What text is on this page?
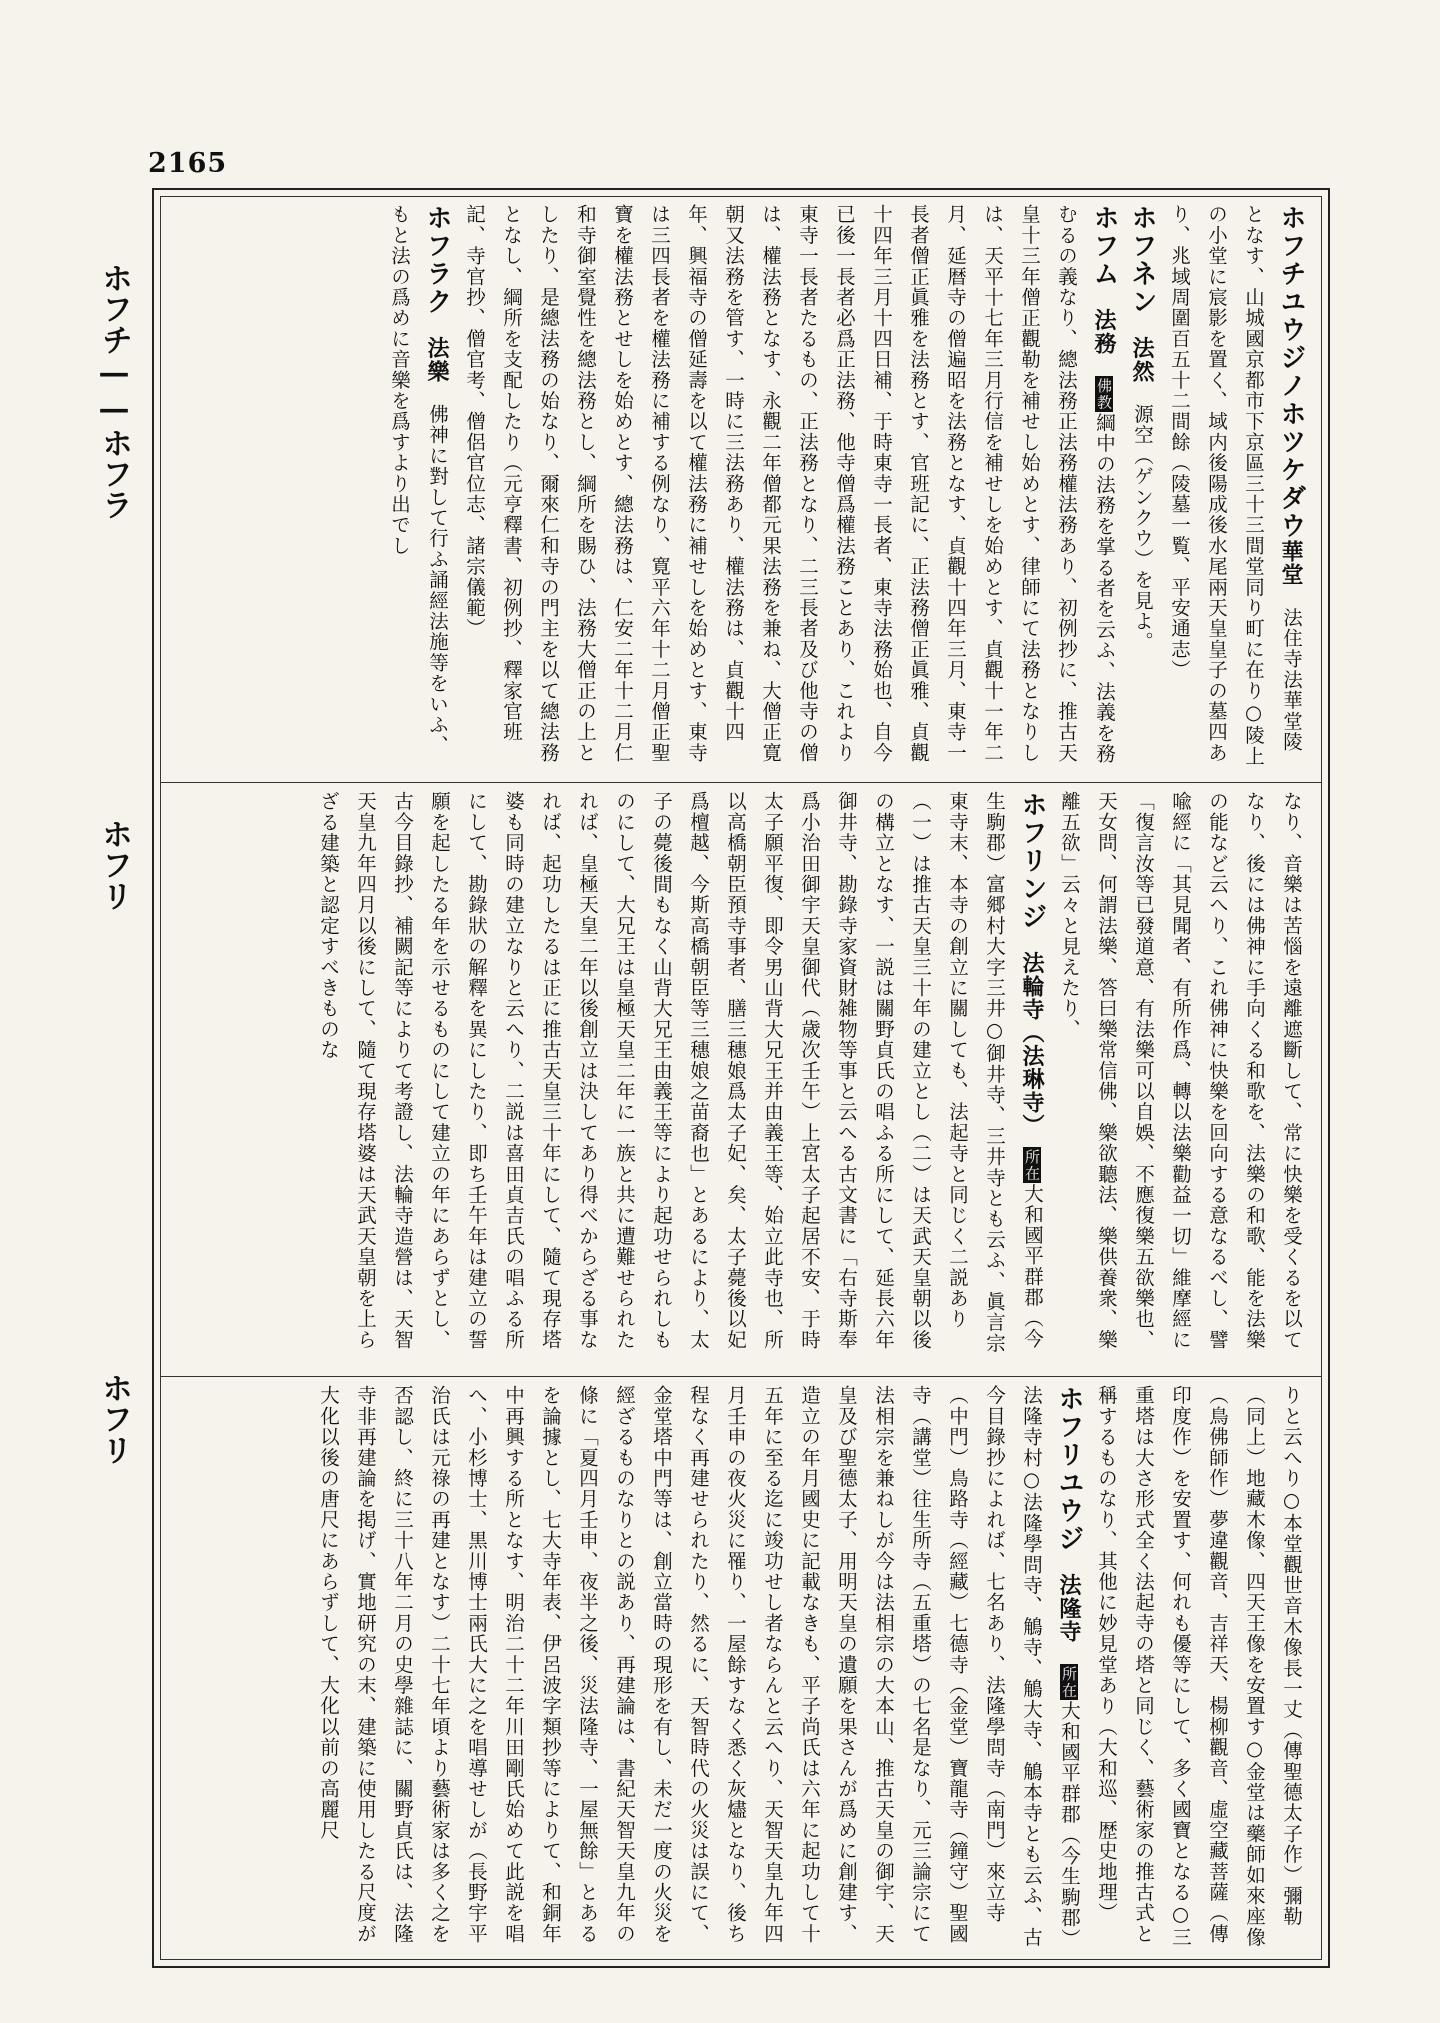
2165
ホフチ——ホフラ
ホフリ
ホフリ
ホフチユウジノホツケダウ華堂　法住寺法華堂陵となす、山城國京都市下京區三十三間堂同り町に在り○陵上の小堂に宸影を置く、域内後陽成後水尾兩天皇皇子の墓四あり、兆域周圍百五十二間餘（陵墓一覧、平安通志）
ホフネン　法然　源空（ゲンクウ）を見よ。
ホフム　法務　佛教綱中の法務を掌る者を云ふ、法義を務むるの義なり、總法務正法務權法務あり、初例抄に、推古天皇十三年僧正觀勒を補せし始めとす、律師にて法務となりしは、天平十七年三月行信を補せしを始めとす、貞觀十一年二月、延暦寺の僧遍昭を法務となす、貞觀十四年三月、東寺一長者僧正眞雅を法務とす、官班記に、正法務僧正眞雅、貞觀十四年三月十四日補、于時東寺一長者、東寺法務始也、自今已後一長者必爲正法務、他寺僧爲權法務ことあり、これより東寺一長者たるもの、正法務となり、二三長者及び他寺の僧は、權法務となす、永觀二年僧都元果法務を兼ね、大僧正寛朝又法務を管す、一時に三法務あり、權法務は、貞觀十四年、興福寺の僧延壽を以て權法務に補せしを始めとす、東寺は三四長者を權法務に補する例なり、寛平六年十二月僧正聖寶を權法務とせしを始めとす、總法務は、仁安二年十二月仁和寺御室覺性を總法務とし、綱所を賜ひ、法務大僧正の上としたり、是總法務の始なり、爾來仁和寺の門主を以て總法務となし、綱所を支配したり（元亨釋書、初例抄、釋家官班記、寺官抄、僧官考、僧侶官位志、諸宗儀範）
ホフラク　法樂　佛神に對して行ふ誦經法施等をいふ、もと法の爲めに音樂を爲すより出でし
なり、音樂は苦惱を遠離遮斷して、常に快樂を受くるを以てなり、後には佛神に手向くる和歌を、法樂の和歌、能を法樂の能など云へり、これ佛神に快樂を回向する意なるべし、譬喩經に「其見聞者、有所作爲、轉以法樂勸益一切」維摩經に「復言汝等已發道意、有法樂可以自娛、不應復樂五欲樂也、天女問、何謂法樂、答曰樂常信佛、樂欲聽法、樂供養衆、樂離五欲」云々と見えたり、
ホフリンジ　法輪寺（法琳寺）　所在大和國平群郡（今生駒郡）富郷村大字三井○御井寺、三井寺とも云ふ、眞言宗東寺末、本寺の創立に關しても、法起寺と同じく二説あり（一）は推古天皇三十年の建立とし（二）は天武天皇朝以後の構立となす、一説は關野貞氏の唱ふる所にして、延長六年御井寺、勘錄寺家資財雑物等事と云へる古文書に「右寺斯奉爲小治田御宇天皇御代（歳次壬午）上宮太子起居不安、于時太子願平復、即令男山背大兄王并由義王等、始立此寺也、所以高橋朝臣預寺事者、膳三穗娘爲太子妃、矣、太子薨後以妃爲檀越、今斯高橋朝臣等三穗娘之苗裔也」とあるにより、太子の薨後間もなく山背大兄王由義王等により起功せられしものにして、大兄王は皇極天皇二年に一族と共に遭難せられたれば、皇極天皇二年以後創立は決してあり得べからざる事なれば、起功したるは正に推古天皇三十年にして、隨て現存塔婆も同時の建立なりと云へり、二説は喜田貞吉氏の唱ふる所にして、勘錄狀の解釋を異にしたり、即ち壬午年は建立の誓願を起したる年を示せるものにして建立の年にあらずとし、古今目錄抄、補闕記等によりて考證し、法輪寺造營は、天智天皇九年四月以後にして、隨て現存塔婆は天武天皇朝を上らざる建築と認定すべきものな
りと云へり○本堂觀世音木像長一丈（傳聖德太子作）彌勒（同上）地藏木像、四天王像を安置す○金堂は藥師如來座像（鳥佛師作）夢違觀音、吉祥天、楊柳觀音、虛空藏菩薩（傳印度作）を安置す、何れも優等にして、多く國寶となる○三重塔は大さ形式全く法起寺の塔と同じく、藝術家の推古式と稱するものなり、其他に妙見堂あり（大和巡、歴史地理）
ホフリユウジ　法隆寺　所在大和國平群郡（今生駒郡）法隆寺村○法隆學問寺、鵤寺、鵤大寺、鵤本寺とも云ふ、古今目錄抄によれば、七名あり、法隆學問寺（南門）來立寺（中門）鳥路寺（經藏）七德寺（金堂）寶龍寺（鐘守）聖國寺（講堂）往生所寺（五重塔）の七名是なり、元三論宗にて法相宗を兼ねしが今は法相宗の大本山、推古天皇の御宇、天皇及び聖德太子、用明天皇の遺願を果さんが爲めに創建す、造立の年月國史に記載なきも、平子尚氏は六年に起功して十五年に至る迄に竣功せし者ならんと云へり、天智天皇九年四月壬申の夜火災に罹り、一屋餘すなく悉く灰燼となり、後ち程なく再建せられたり、然るに、天智時代の火災は誤にて、金堂塔中門等は、創立當時の現形を有し、未だ一度の火災を經ざるものなりとの説あり、再建論は、書紀天智天皇九年の條に「夏四月壬申、夜半之後、災法隆寺、一屋無餘」とあるを論據とし、七大寺年表、伊呂波字類抄等によりて、和銅年中再興する所となす、明治二十二年川田剛氏始めて此説を唱へ、小杉博士、黒川博士兩氏大に之を唱導せしが（長野宇平治氏は元祿の再建となす）二十七年頃より藝術家は多く之を否認し、終に三十八年二月の史學雜誌に、關野貞氏は、法隆寺非再建論を掲げ、實地研究の末、建築に使用したる尺度が大化以後の唐尺にあらずして、大化以前の高麗尺
